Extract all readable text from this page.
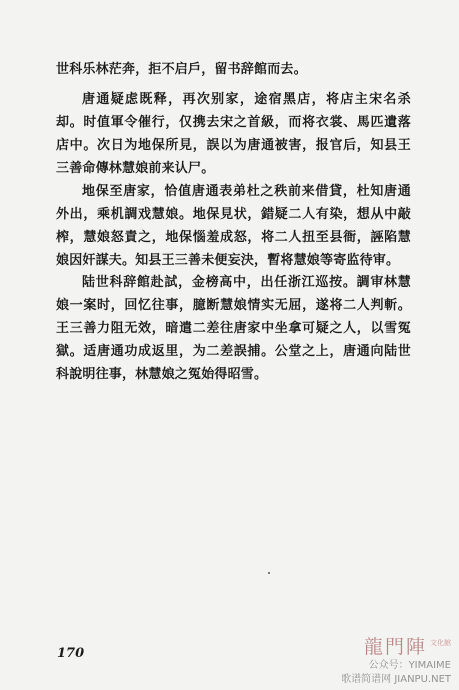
世科乐林茫奔，拒不启戶，留书辞館而去。

唐通疑虑既释，再次别家，途宿黑店，将店主宋名杀却。时值軍令催行，仅携去宋之首級，而将衣裳、馬匹遺落店中。次日为地保所見，誤以为唐通被害，报官后，知县王三善命傳林慧娘前来认尸。

地保至唐家，恰值唐通表弟杜之秩前来借貸，杜知唐通外出，乘机調戏慧娘。地保見状，錯疑二人有染，想从中敲榨，慧娘怒責之，地保惱羞成怒，将二人扭至县衙，誣陷慧娘因奸謀夫。知县王三善未便妄決，暫将慧娘等寄监待审。

陆世科辞館赴試，金榜高中，出任浙江巡按。調审林慧娘一案时，回忆往事，臆断慧娘情实无屈，遂将二人判斬。王三善力阻无效，暗遣二差往唐家中坐拿可疑之人，以雪冤獄。适唐通功成返里，为二差誤捕。公堂之上，唐通向陆世科說明往事，林慧娘之冤始得昭雪。

170	龍門陣 文化館
公众号：YIMAIME
歌谱简谱网 JIANPU.NET
